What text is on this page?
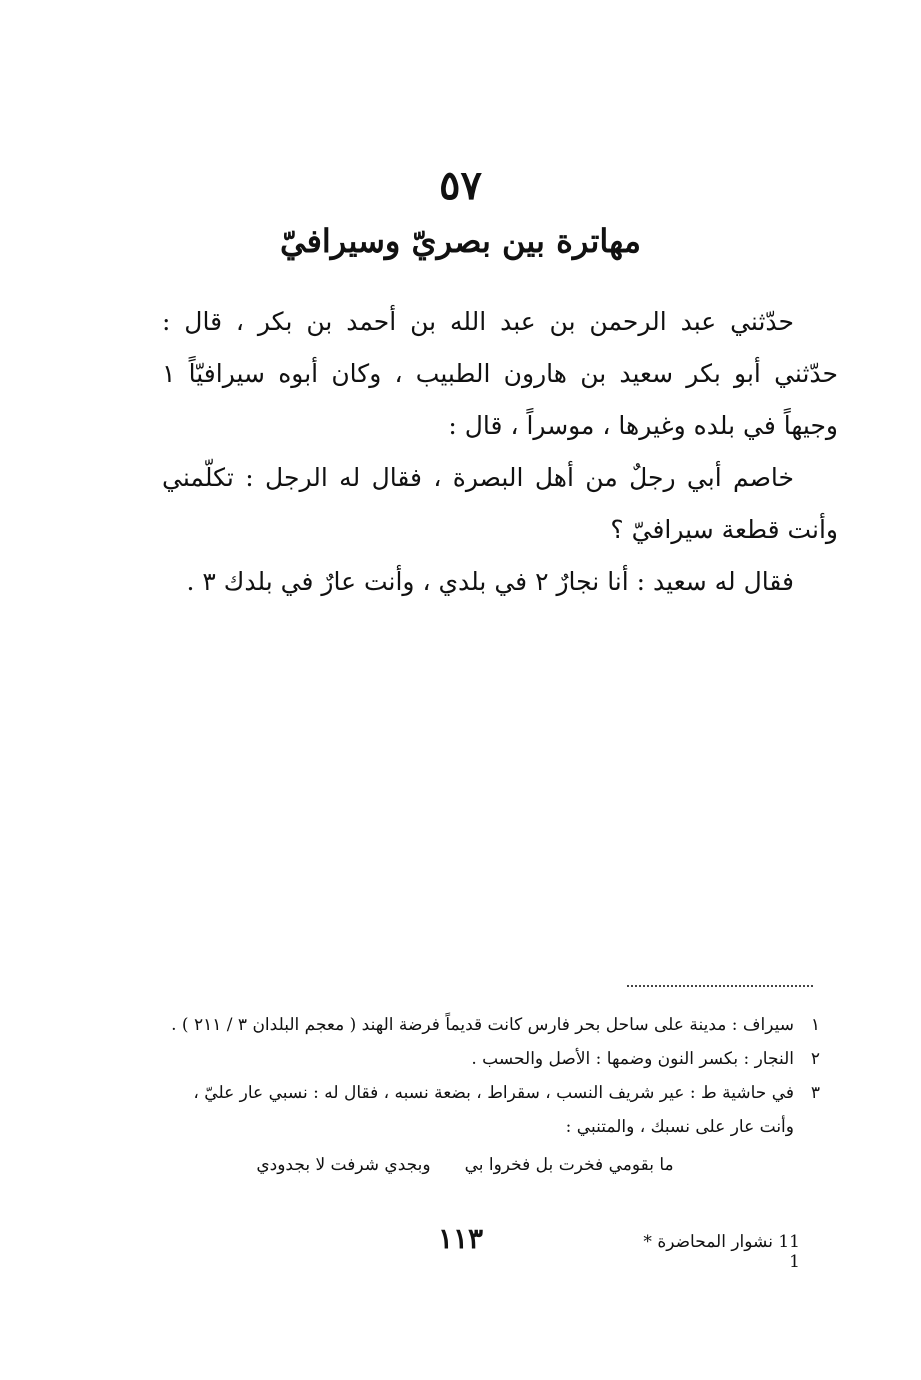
٥٧
مهاترة بين بصريّ وسيرافيّ

حدّثني عبد الرحمن بن عبد الله بن أحمد بن بكر ، قال : حدّثني أبو بكر سعيد بن هارون الطبيب ، وكان أبوه سيرافيّاً ١ وجيهاً في بلده وغيرها ، موسراً ، قال :

خاصم أبي رجلٌ من أهل البصرة ، فقال له الرجل : تكلّمني وأنت قطعة سيرافيّ ؟

فقال له سعيد : أنا نجارٌ ٢ في بلدي ، وأنت عارٌ في بلدك ٣ .

١
سيراف : مدينة على ساحل بحر فارس كانت قديماً فرضة الهند ( معجم البلدان ٣ / ٢١١ ) .
٢
النجار : بكسر النون وضمها : الأصل والحسب .
٣
في حاشية ط : عير شريف النسب ، سقراط ، بضعة نسبه ، فقال له : نسبي عار عليّ ،
وأنت عار على نسبك ، والمتنبي :
ما بقومي فخرت بل فخروا بي
وبجدي شرفت لا بجدودي
١١٣	11 نشوار المحاضرة * 1
